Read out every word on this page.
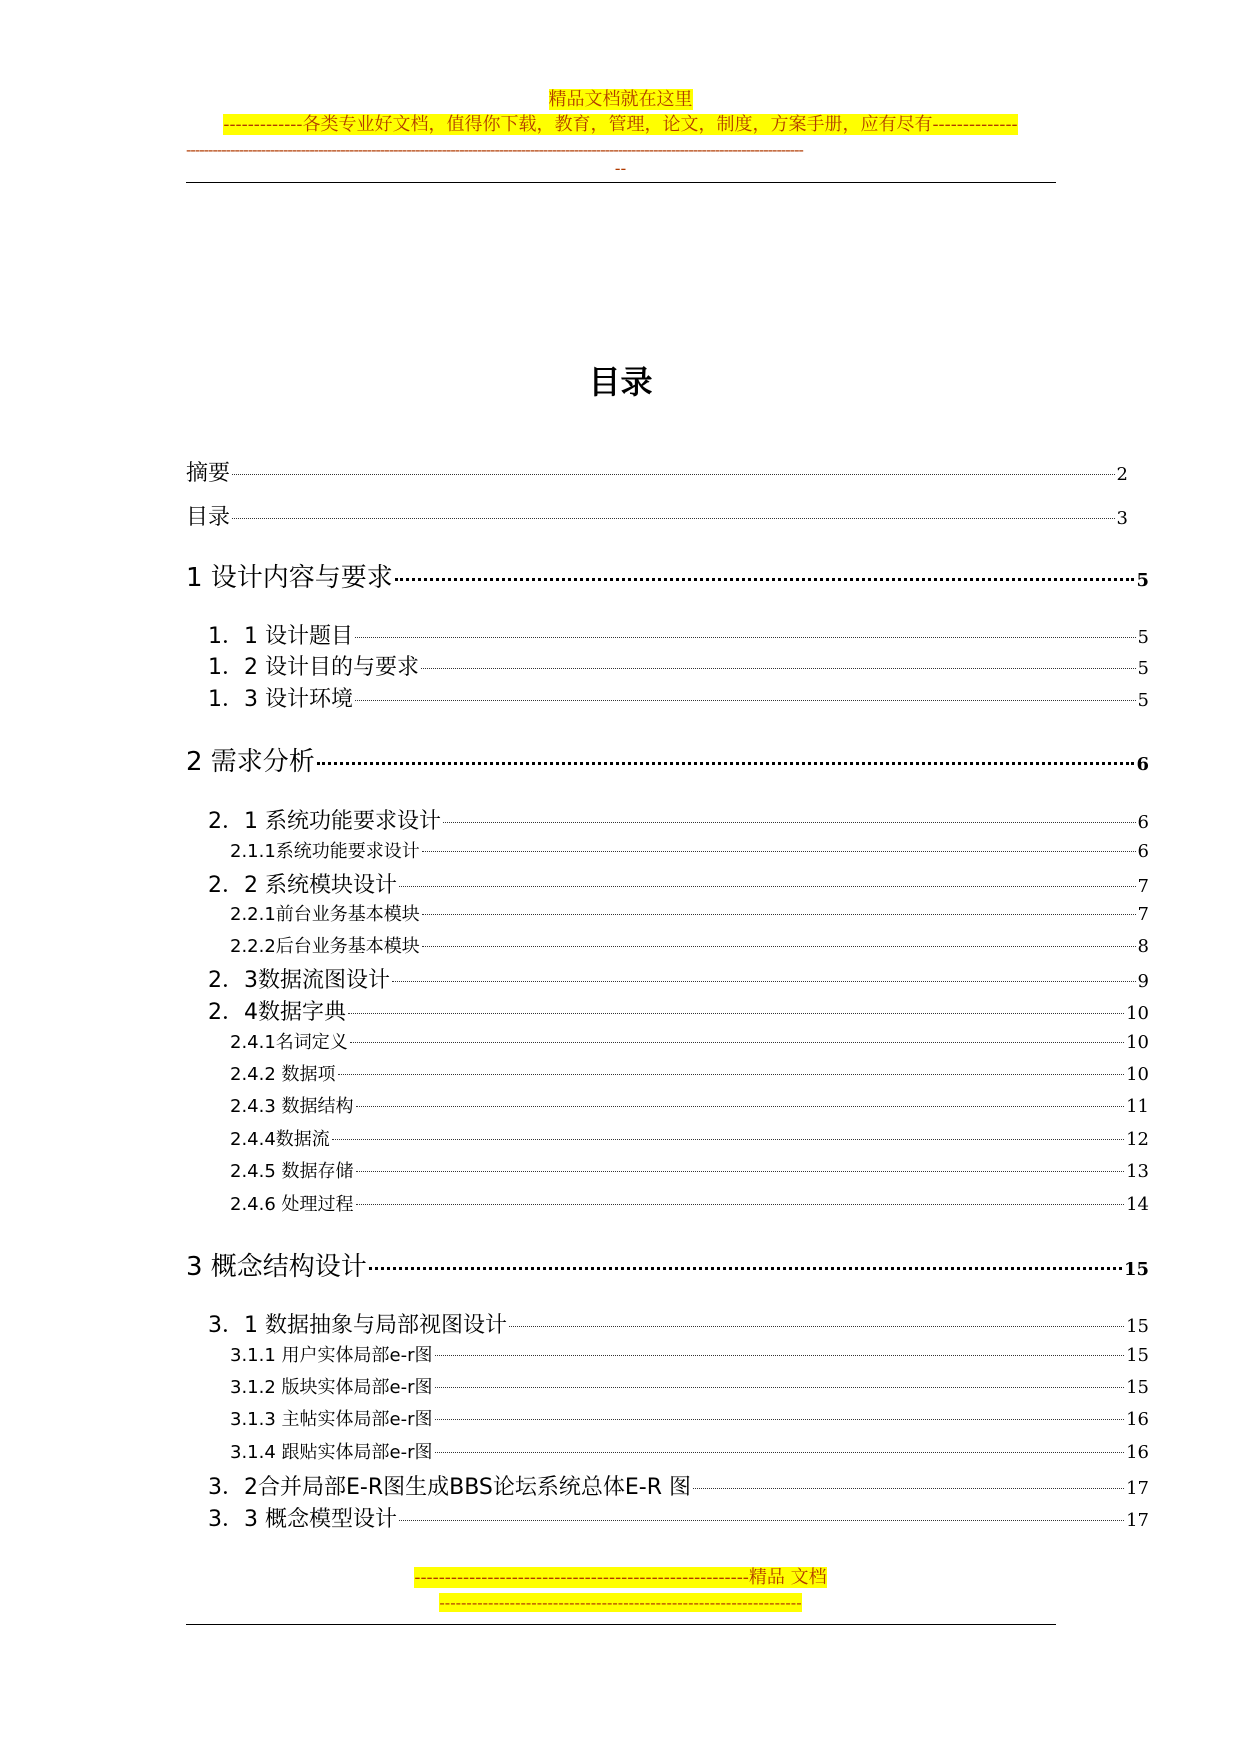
精品文档就在这里
-------------各类专业好文档，值得你下载，教育，管理，论文，制度，方案手册，应有尽有--------------
--------------------------------------------------------------------------------------------------------------------------------------------
--
目录
摘要	2
目录	3
1 设计内容与要求	5
1．1 设计题目	5
1．2 设计目的与要求	5
1．3 设计环境	5
2 需求分析	6
2．1 系统功能要求设计	6
2.1.1系统功能要求设计	6
2．2 系统模块设计	7
2.2.1前台业务基本模块	7
2.2.2后台业务基本模块	8
2．3数据流图设计	9
2．4数据字典	10
2.4.1名词定义	10
2.4.2 数据项	10
2.4.3 数据结构	11
2.4.4数据流	12
2.4.5 数据存储	13
2.4.6 处理过程	14
3 概念结构设计	15
3．1 数据抽象与局部视图设计	15
3.1.1 用户实体局部e-r图	15
3.1.2 版块实体局部e-r图	15
3.1.3 主帖实体局部e-r图	16
3.1.4 跟贴实体局部e-r图	16
3．2合并局部E-R图生成BBS论坛系统总体E-R 图	17
3．3 概念模型设计	17
-------------------------------------------------------精品 文档
-------------------------------------------------------------------
